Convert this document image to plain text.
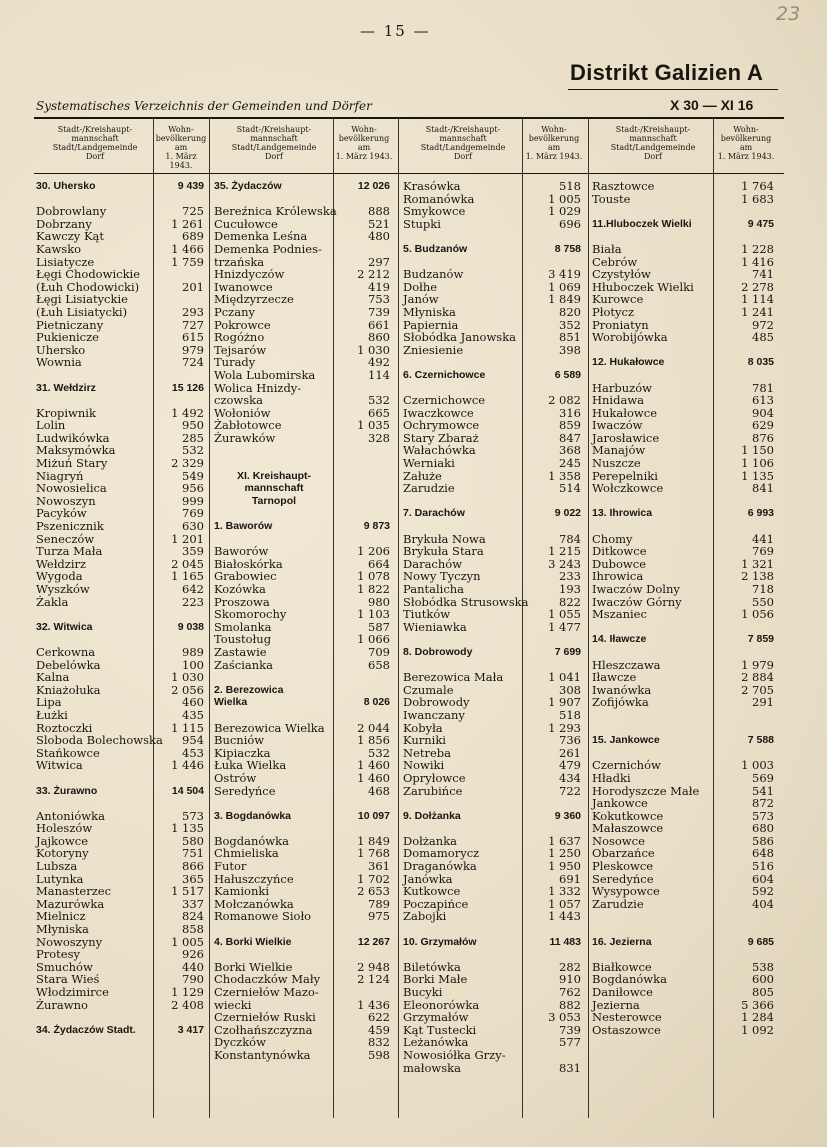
— 15 —
23
Distrikt Galizien A
Systematisches Verzeichnis der Gemeinden und Dörfer	X 30 — XI 16
Stadt-/Kreishaupt-
mannschaft
Stadt/Landgemeinde
Dorf
Wohn-
bevölkerung
am
1. März 1943.
30. Uhersko	9 439
Dobrowlany	725
Dobrzany	1 261
Kawczy Kąt	689
Kawsko	1 466
Lisiatycze	1 759
Łęgi Chodowickie
(Łuh Chodowicki)	201
Łęgi Lisiatyckie
(Łuh Lisiatycki)	293
Pietniczany	727
Pukienicze	615
Uhersko	979
Wownia	724
31. Wełdzirz	15 126
Kropiwnik	1 492
Lolin	950
Ludwikówka	285
Maksymówka	532
Miżuń Stary	2 329
Niagryń	549
Nowosielica	956
Nowoszyn	999
Pacyków	769
Pszenicznik	630
Seneczów	1 201
Turza Mała	359
Wełdzirz	2 045
Wygoda	1 165
Wyszków	642
Żakla	223
32. Witwica	9 038
Cerkowna	989
Debelówka	100
Kalna	1 030
Kniażołuka	2 056
Lipa	460
Łużki	435
Roztoczki	1 115
Sloboda Bolechowska 954
Stańkowce	453
Witwica	1 446
33. Żurawno	14 504
Antoniówka	573
Holeszów	1 135
Jajkowce	580
Kotoryny	751
Lubsza	866
Lutynka	365
Manasterzec	1 517
Mazurówka	337
Mielnicz	824
Młyniska	858
Nowoszyny	1 005
Protesy	926
Smuchów	440
Stara Wieś	790
Włodzimirce	1 129
Żurawno	2 408
34. Żydaczów Stadt.	3 417
Stadt-/Kreishaupt-
mannschaft
Stadt/Landgemeinde
Dorf
Wohn-
bevölkerung
am
1. März 1943.
35. Żydaczów	12 026
Bereźnica Królewska	888
Cucułowce	521
Demenka Leśna	480
Demenka Podnies-
trzańska	297
Hnizdyczów	2 212
Iwanowce	419
Międzyrzecze	753
Pczany	739
Pokrowce	661
Rogóżno	860
Tejsarów	1 030
Turady	492
Wola Lubomirska	114
Wolica Hnizdy-
czowska	532
Wołoniów	665
Żabłotowce	1 035
Żurawków	328
XI. Kreishaupt-
mannschaft
Tarnopol
1. Baworów	9 873
Baworów	1 206
Białoskórka	664
Grabowiec	1 078
Kozówka	1 822
Proszowa	980
Skomorochy	1 103
Smolanka	587
Toustoług	1 066
Zastawie	709
Zaścianka	658
2. Berezowica
Wielka	8 026
Berezowica Wielka	2 044
Bucniów	1 856
Kipiaczka	532
Łuka Wielka	1 460
Ostrów	1 460
Seredyńce	468
3. Bogdanówka	10 097
Bogdanówka	1 849
Chmieliska	1 768
Futor	361
Hałuszczyńce	1 702
Kamionki	2 653
Mołczanówka	789
Romanowe Sioło	975
4. Borki Wielkie	12 267
Borki Wielkie	2 948
Chodaczków Mały	2 124
Czerniełów Mazo-
wiecki	1 436
Czerniełów Ruski	622
Czołhańszczyzna	459
Dyczków	832
Konstantynówka	598
Stadt-/Kreishaupt-
mannschaft
Stadt/Landgemeinde
Dorf
Wohn-
bevölkerung
am
1. März 1943.
Krasówka	518
Romanówka	1 005
Smykowce	1 029
Stupki	696
5. Budzanów	8 758
Budzanów	3 419
Dołhe	1 069
Janów	1 849
Młyniska	820
Papiernia	352
Słobódka Janowska	851
Zniesienie	398
6. Czernichowce	6 589
Czernichowce	2 082
Iwaczkowce	316
Ochrymowce	859
Stary Zbaraż	847
Wałachówka	368
Werniaki	245
Załuże	1 358
Zarudzie	514
7. Darachów	9 022
Brykuła Nowa	784
Brykuła Stara	1 215
Darachów	3 243
Nowy Tyczyn	233
Pantalicha	193
Słobódka Strusowska	822
Tiutków	1 055
Wieniawka	1 477
8. Dobrowody	7 699
Berezowica Mała	1 041
Czumale	308
Dobrowody	1 907
Iwanczany	518
Kobyła	1 293
Kurniki	736
Netreba	261
Nowiki	479
Opryłowce	434
Zarubińce	722
9. Dołżanka	9 360
Dołżanka	1 637
Domamorycz	1 250
Draganówka	1 950
Janówka	691
Kutkowce	1 332
Poczapińce	1 057
Zabojki	1 443
10. Grzymałów	11 483
Biletówka	282
Borki Małe	910
Bucyki	762
Eleonorówka	882
Grzymałów	3 053
Kąt Tustecki	739
Leżanówka	577
Nowosiółka Grzy-
małowska	831
Stadt-/Kreishaupt-
mannschaft
Stadt/Landgemeinde
Dorf
Wohn-
bevölkerung
am
1. März 1943.
Rasztowce	1 764
Touste	1 683
11.Hluboczek Wielki	9 475
Biała	1 228
Cebrów	1 416
Czystyłów	741
Hłuboczek Wielki	2 278
Kurowce	1 114
Płotycz	1 241
Proniatyn	972
Worobijówka	485
12. Hukałowce	8 035
Harbuzów	781
Hnidawa	613
Hukałowce	904
Iwaczów	629
Jarosławice	876
Manajów	1 150
Nuszcze	1 106
Perepelniki	1 135
Wołczkowce	841
13. Ihrowica	6 993
Chomy	441
Ditkowce	769
Dubowce	1 321
Ihrowica	2 138
Iwaczów Dolny	718
Iwaczów Górny	550
Mszaniec	1 056
14. Iławcze	7 859
Hleszczawa	1 979
Iławcze	2 884
Iwanówka	2 705
Zofijówka	291
15. Jankowce	7 588
Czernichów	1 003
Hładki	569
Horodyszcze Małe	541
Jankowce	872
Kokutkowce	573
Małaszowce	680
Nosowce	586
Obarzańce	648
Pleskowce	516
Seredyńce	604
Wysypowce	592
Zarudzie	404
16. Jezierna	9 685
Białkowce	538
Bogdanówka	600
Daniłowce	805
Jezierna	5 366
Nesterowce	1 284
Ostaszowce	1 092
